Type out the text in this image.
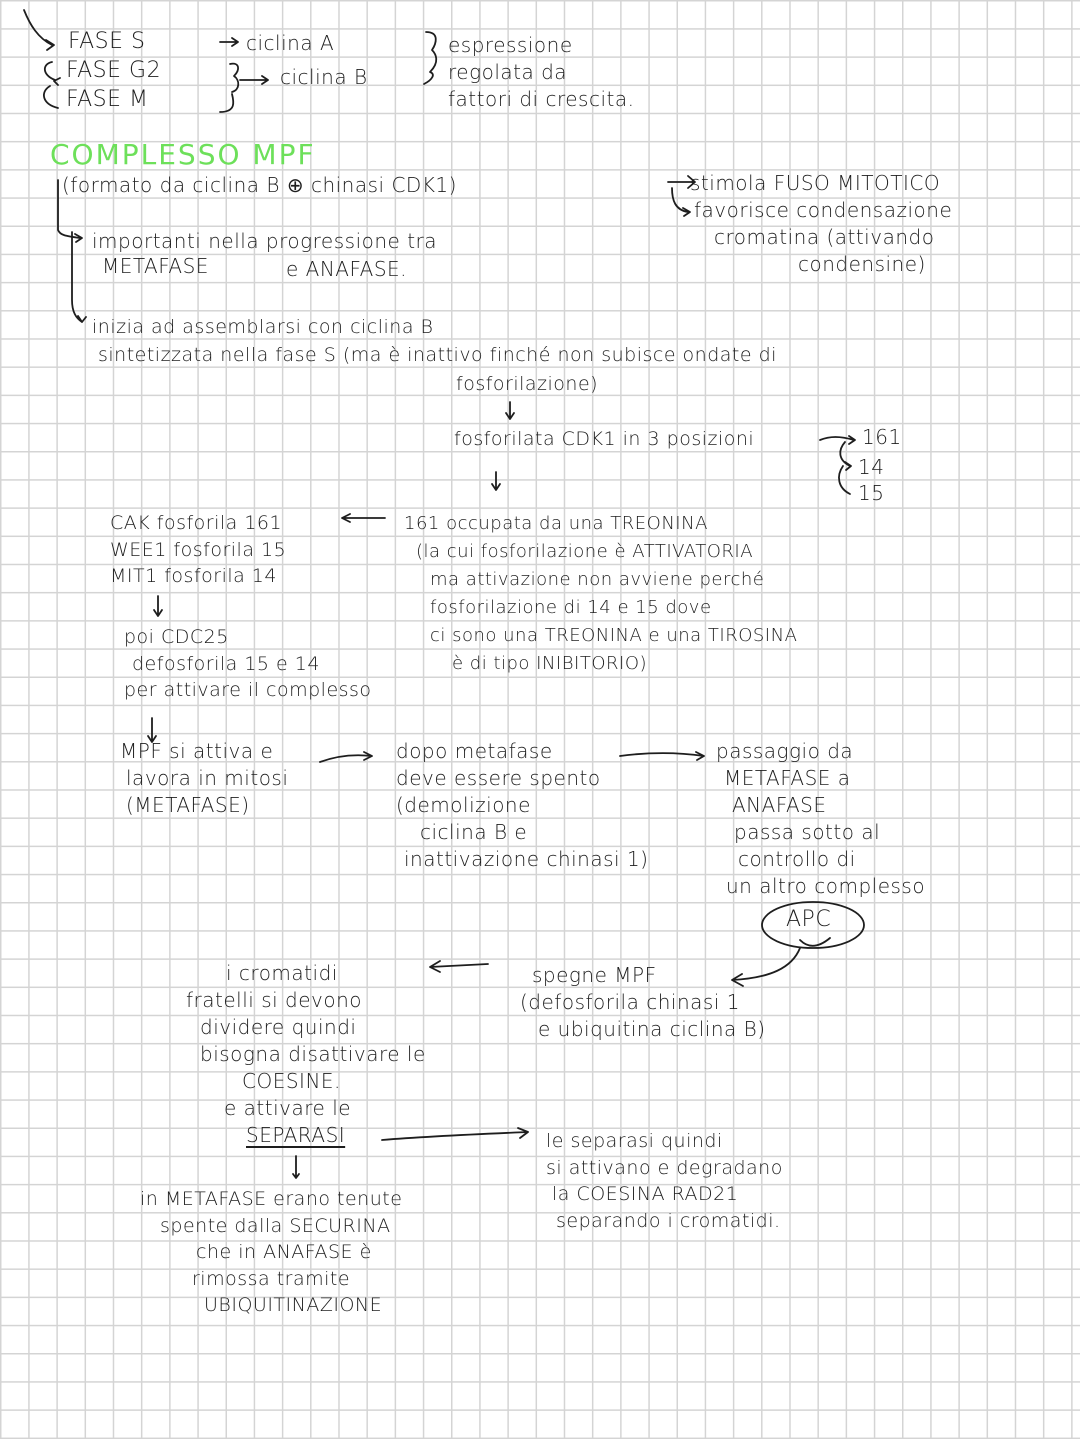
FASE S
FASE G2
FASE M
ciclina A
ciclina B
espressione
regolata da
fattori di crescita.
COMPLESSO MPF
(formato da ciclina B ⊕ chinasi CDK1)	stimola FUSO MITOTICO
favorisce condensazione
cromatina (attivando
condensine)
importanti nella progressione tra
METAFASE	e ANAFASE.
inizia ad assemblarsi con ciclina B
sintetizzata nella fase S (ma è inattivo finché non subisce ondate di
fosforilazione)
fosforilata CDK1 in 3 posizioni	161
14
15
CAK fosforila 161
WEE1 fosforila 15
MIT1 fosforila 14
poi CDC25
defosforila 15 e 14
per attivare il complesso
161 occupata da una TREONINA
(la cui fosforilazione è ATTIVATORIA
ma attivazione non avviene perché
fosforilazione di 14 e 15 dove
ci sono una TREONINA e una TIROSINA
è di tipo INIBITORIO)
MPF si attiva e
lavora in mitosi
(METAFASE)
dopo metafase
deve essere spento
(demolizione
ciclina B e
inattivazione chinasi 1)
passaggio da
METAFASE a
ANAFASE
passa sotto al
controllo di
un altro complesso
APC
spegne MPF
(defosforila chinasi 1
e ubiquitina ciclina B)
i cromatidi
fratelli si devono
dividere quindi
bisogna disattivare le
COESINE.
e attivare le
SEPARASI
in METAFASE erano tenute
spente dalla SECURINA
che in ANAFASE è
rimossa tramite
UBIQUITINAZIONE
le separasi quindi
si attivano e degradano
la COESINA RAD21
separando i cromatidi.
